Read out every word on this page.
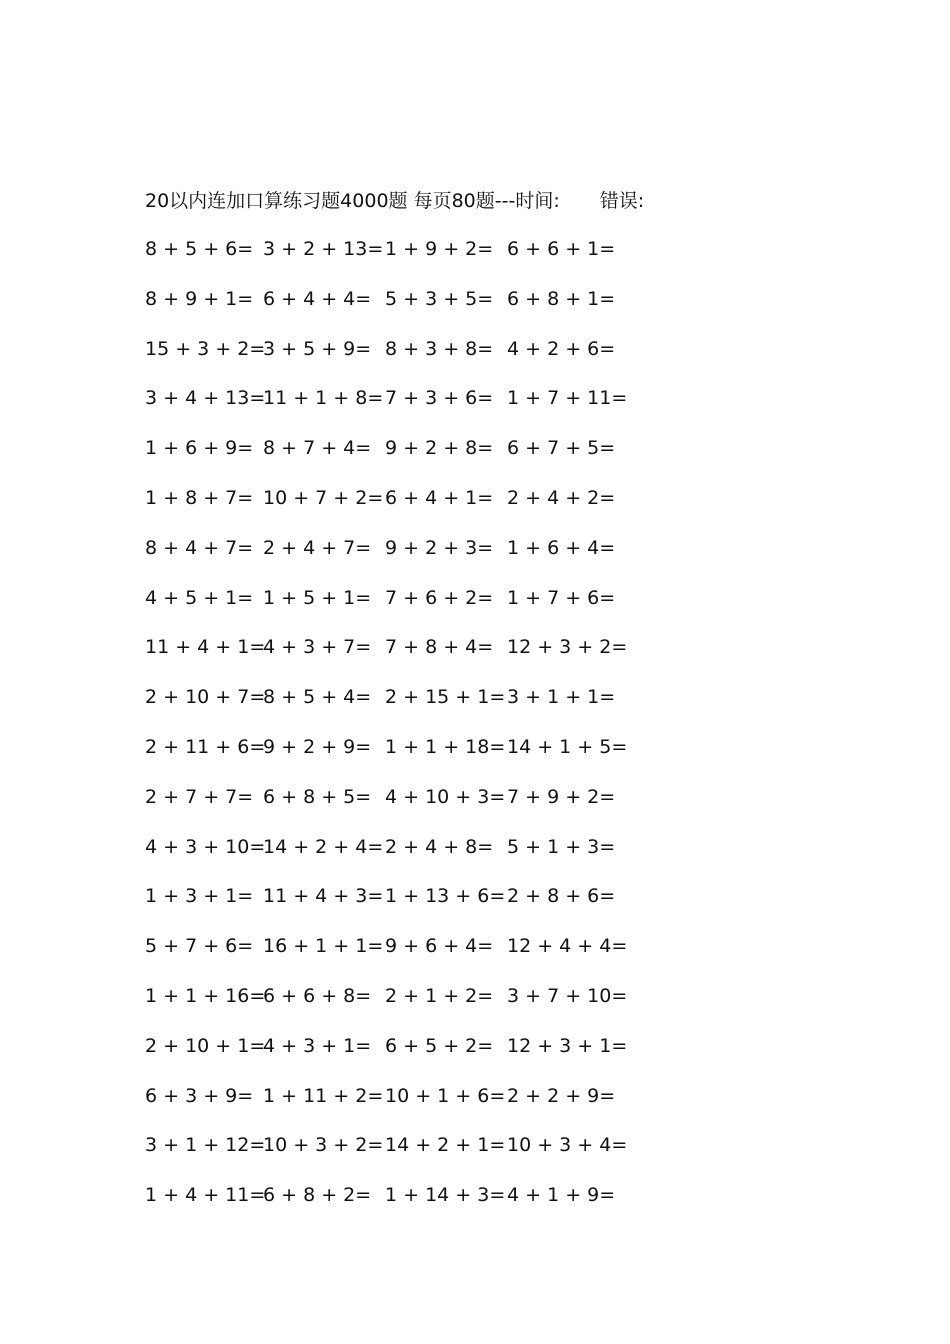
20以内连加口算练习题4000题 每页80题---时间: 错误:
8 + 5 + 6= 3 + 2 + 13= 1 + 9 + 2= 6 + 6 + 1=
8 + 9 + 1= 6 + 4 + 4= 5 + 3 + 5= 6 + 8 + 1=
15 + 3 + 2=
3 + 5 + 9= 8 + 3 + 8= 4 + 2 + 6=
3 + 4 + 13=
11 + 1 + 8= 7 + 3 + 6= 1 + 7 + 11=
1 + 6 + 9= 8 + 7 + 4= 9 + 2 + 8= 6 + 7 + 5=
1 + 8 + 7= 10 + 7 + 2= 6 + 4 + 1= 2 + 4 + 2=
8 + 4 + 7= 2 + 4 + 7= 9 + 2 + 3= 1 + 6 + 4=
4 + 5 + 1= 1 + 5 + 1= 7 + 6 + 2= 1 + 7 + 6=
11 + 4 + 1=
4 + 3 + 7= 7 + 8 + 4= 12 + 3 + 2=
2 + 10 + 7=
8 + 5 + 4= 2 + 15 + 1= 3 + 1 + 1=
2 + 11 + 6=
9 + 2 + 9= 1 + 1 + 18= 14 + 1 + 5=
2 + 7 + 7= 6 + 8 + 5= 4 + 10 + 3= 7 + 9 + 2=
4 + 3 + 10=
14 + 2 + 4= 2 + 4 + 8= 5 + 1 + 3=
1 + 3 + 1= 11 + 4 + 3= 1 + 13 + 6= 2 + 8 + 6=
5 + 7 + 6= 16 + 1 + 1= 9 + 6 + 4= 12 + 4 + 4=
1 + 1 + 16=
6 + 6 + 8= 2 + 1 + 2= 3 + 7 + 10=
2 + 10 + 1=
4 + 3 + 1= 6 + 5 + 2= 12 + 3 + 1=
6 + 3 + 9= 1 + 11 + 2= 10 + 1 + 6= 2 + 2 + 9=
3 + 1 + 12=
10 + 3 + 2= 14 + 2 + 1= 10 + 3 + 4=
1 + 4 + 11=
6 + 8 + 2= 1 + 14 + 3= 4 + 1 + 9=
